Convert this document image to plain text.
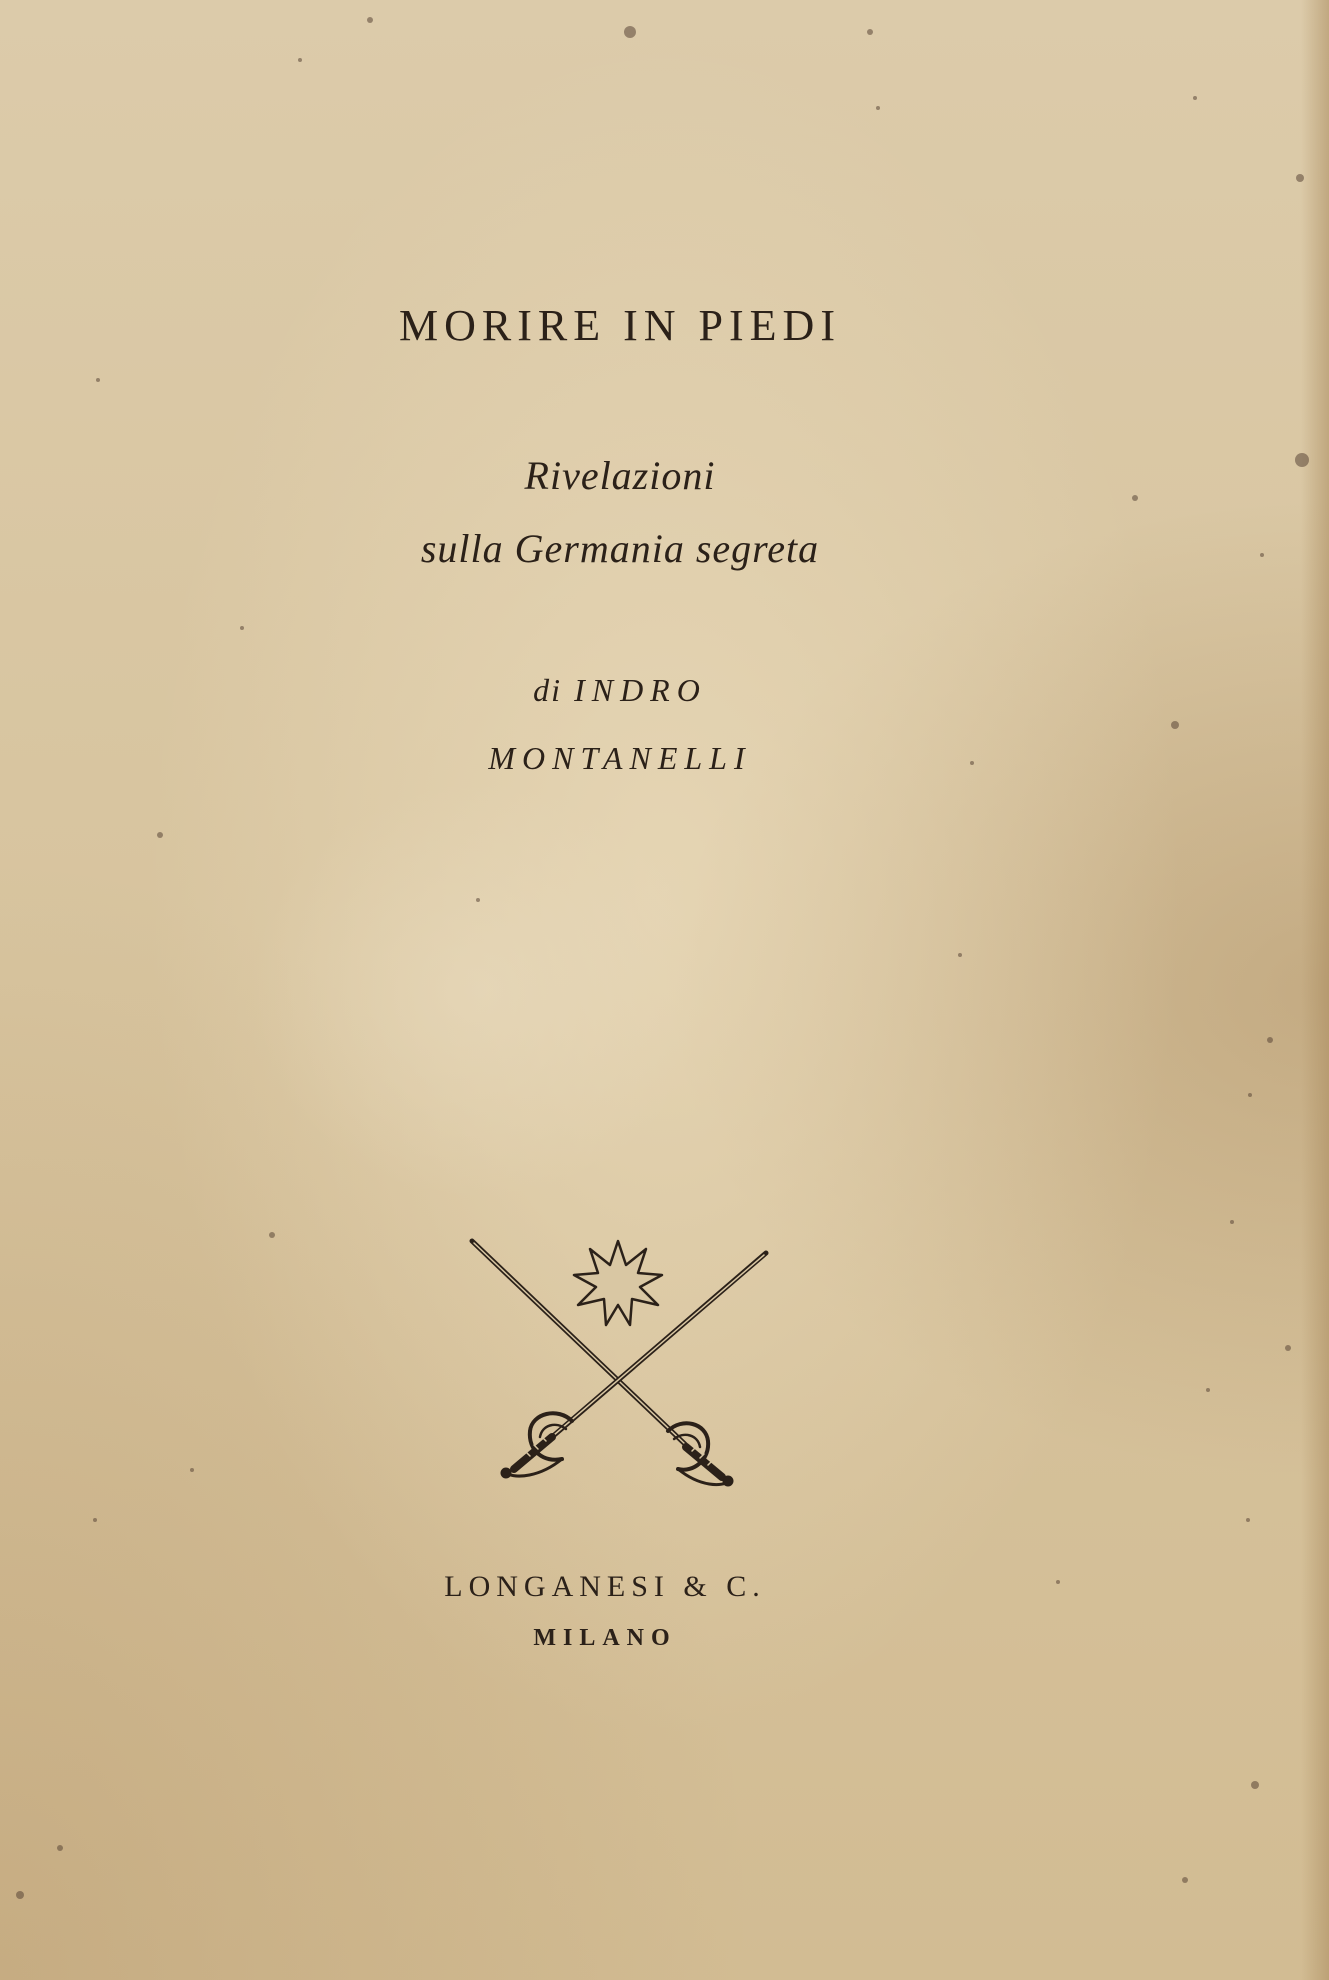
MORIRE IN PIEDI
Rivelazioni
sulla Germania segreta
di INDRO
MONTANELLI
LONGANESI & C.
MILANO
